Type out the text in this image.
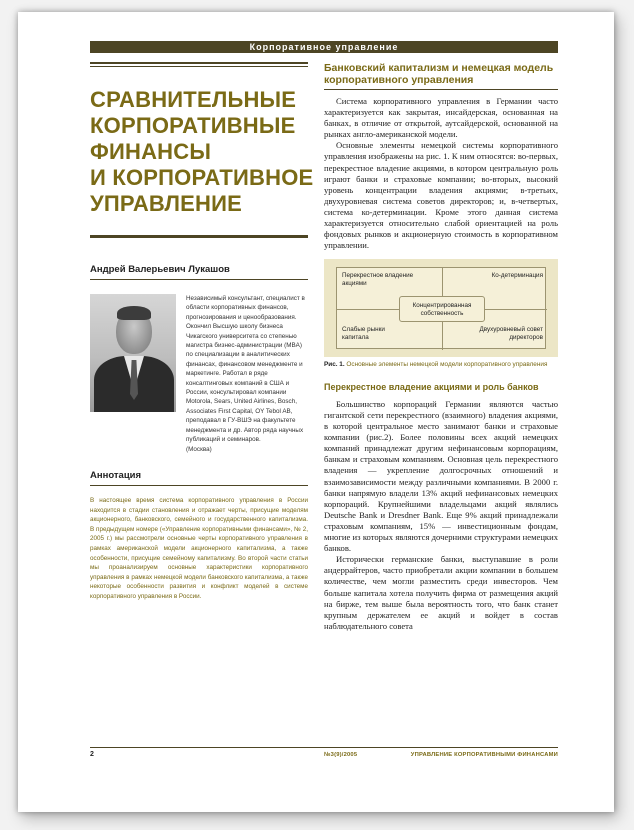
Корпоративное управление
СРАВНИТЕЛЬНЫЕ
КОРПОРАТИВНЫЕ
ФИНАНСЫ
И КОРПОРАТИВНОЕ
УПРАВЛЕНИЕ
Андрей Валерьевич Лукашов
Независимый консультант, специалист в области корпоративных финансов, прогнозирования и ценообразования. Окончил Высшую школу бизнеса Чикагского университета со степенью магистра бизнес-администрации (MBA) по специализации в аналитических финансах, финансовом менеджменте и маркетинге. Работал в ряде консалтинговых компаний в США и России, консультировал компании Motorola, Sears, United Airlines, Bosch, Associates First Capital, OY Tebol AB, преподавал в ГУ-ВШЭ на факультете менеджмента и др. Автор ряда научных публикаций и семинаров.
(Москва)
Аннотация
В настоящее время система корпоративного управления в России находится в стадии становления и отражает черты, присущие моделям акционерного, банковского, семейного и государственного капитализма. В предыдущем номере («Управление корпоративными финансами», № 2, 2005 г.) мы рассмотрели основные черты корпоративного управления в рамках американской модели акционерного капитализма, а также особенности, присущие семейному капитализму. Во второй части статьи мы проанализируем основные характеристики корпоративного управления в рамках немецкой модели банковского капитализма, а также некоторые особенности развития и конфликт моделей в системе корпоративного управления в России.
Банковский капитализм и немецкая модель корпоративного управления

Система корпоративного управления в Германии часто характеризуется как закрытая, инсайдерская, основанная на банках, в отличие от открытой, аутсайдерской, основанной на рынках англо-американской модели.

Основные элементы немецкой системы корпоративного управления изображены на рис. 1. К ним относятся: во-первых, перекрестное владение акциями, в котором центральную роль играют банки и страховые компании; во-вторых, высокий уровень концентрации владения акциями; в-третьих, двухуровневая система советов директоров; и, в-четвертых, система ко-детерминации. Кроме этого данная система характеризуется относительно слабой ориентацией на роль фондовых рынков и акционерную стоимость в корпоративном управлении.

Перекрестное владение акциями
Ко-детерминация
Слабые рынки капитала
Двухуровневый совет директоров
Концентрированная собственность
Рис. 1. Основные элементы немецкой модели корпоративного управления
Перекрестное владение акциями и роль банков

Большинство корпораций Германии являются частью гигантской сети перекрестного (взаимного) владения акциями, в которой центральное место занимают банки и страховые компании (рис.2). Более половины всех акций немецких компаний принадлежат другим нефинансовым корпорациям, банкам и страховым компаниям. Основная цель перекрестного владения — укрепление долгосрочных отношений и взаимозависимости между различными компаниями. В 2000 г. банки напрямую владели 13% акций нефинансовых немецких корпораций. Крупнейшими владельцами акций являлись Deutsche Bank и Dresdner Bank. Еще 9% акций принадлежали страховым компаниям, 15% — инвестиционным фондам, многие из которых являются дочерними структурами немецких банков.

Исторически германские банки, выступавшие в роли андеррайтеров, часто приобретали акции компании в большем количестве, чем могли разместить среди инвесторов. Чем больше капитала хотела получить фирма от размещения акций на бирже, тем выше была вероятность того, что банк станет крупным держателем ее акций и войдет в состав наблюдательного совета

2	№3(9)/2005	УПРАВЛЕНИЕ КОРПОРАТИВНЫМИ ФИНАНСАМИ
